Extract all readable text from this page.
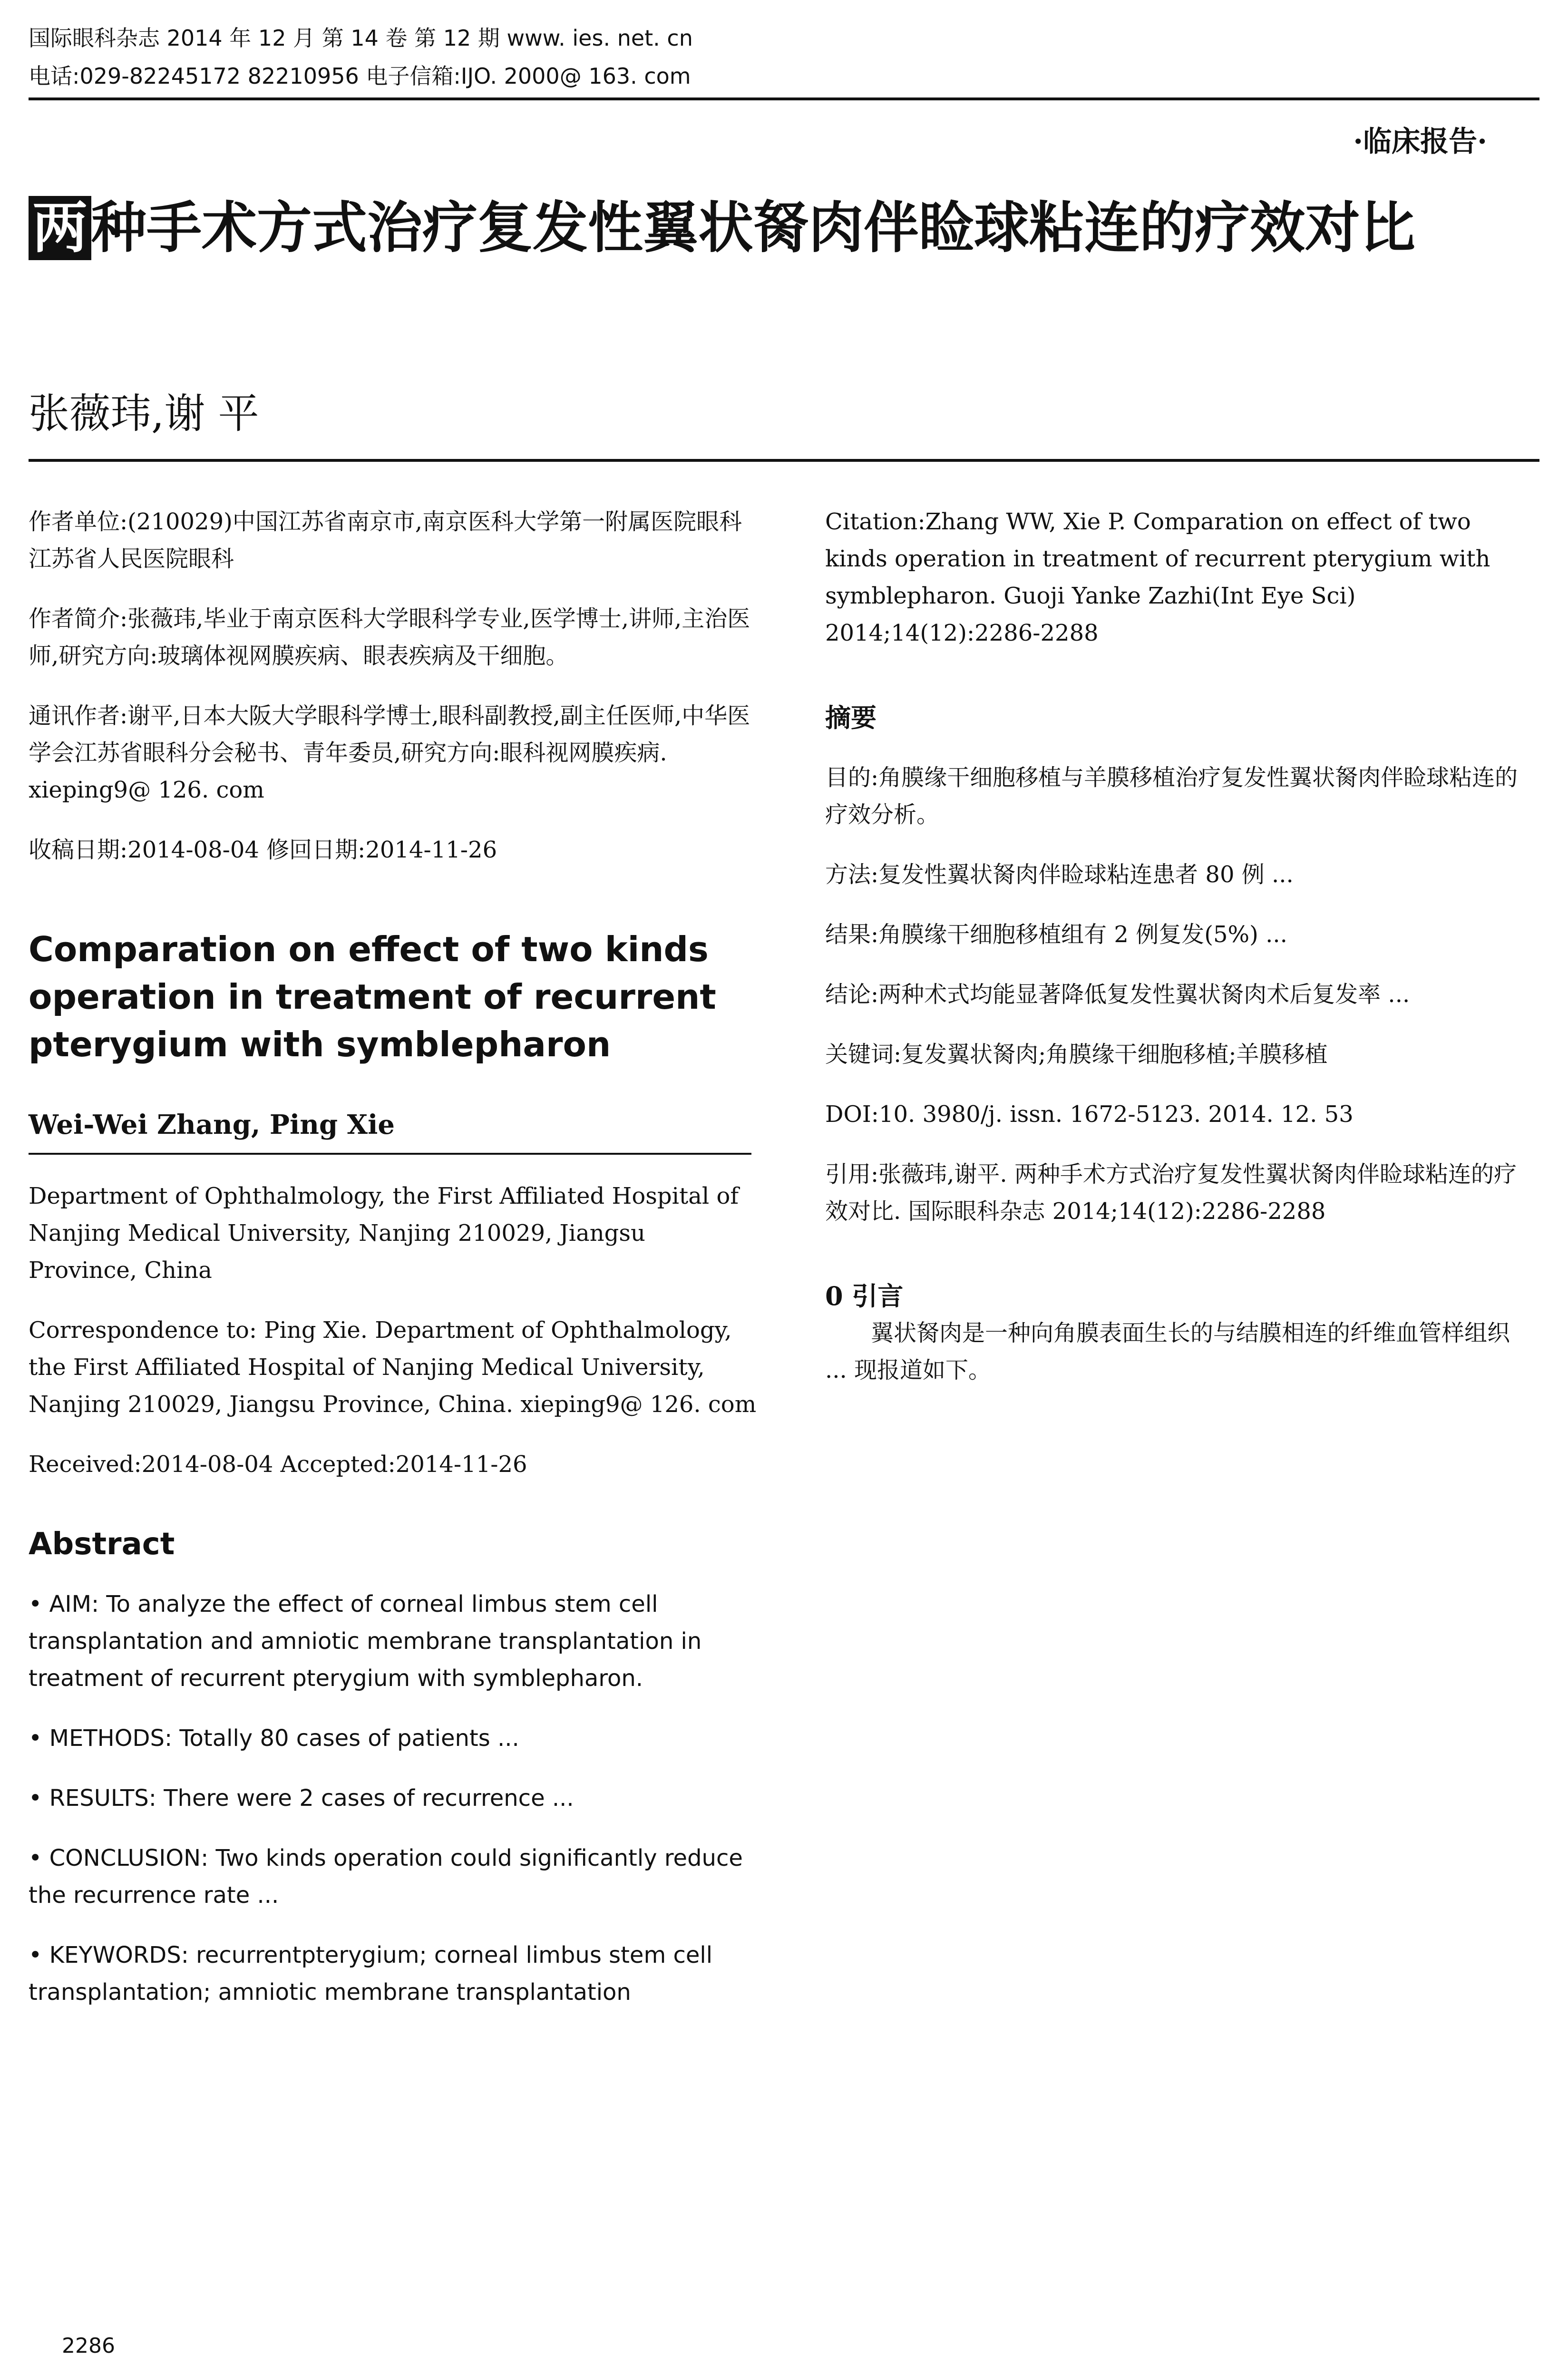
国际眼科杂志 2014 年 12 月 第 14 卷 第 12 期 www. ies. net. cn
电话:029-82245172 82210956 电子信箱:IJO. 2000@ 163. com
·临床报告·
两种手术方式治疗复发性翼状胬肉伴睑球粘连的疗效对比
张薇玮,谢 平

作者单位:(210029)中国江苏省南京市,南京医科大学第一附属医院眼科 江苏省人民医院眼科

作者简介:张薇玮,毕业于南京医科大学眼科学专业,医学博士,讲师,主治医师,研究方向:玻璃体视网膜疾病、眼表疾病及干细胞。

通讯作者:谢平,日本大阪大学眼科学博士,眼科副教授,副主任医师,中华医学会江苏省眼科分会秘书、青年委员,研究方向:眼科视网膜疾病. xieping9@ 126. com

收稿日期:2014-08-04 修回日期:2014-11-26

Comparation on effect of two kinds operation in treatment of recurrent pterygium with symblepharon
Wei-Wei Zhang, Ping Xie

Department of Ophthalmology, the First Affiliated Hospital of Nanjing Medical University, Nanjing 210029, Jiangsu Province, China

Correspondence to: Ping Xie. Department of Ophthalmology, the First Affiliated Hospital of Nanjing Medical University, Nanjing 210029, Jiangsu Province, China. xieping9@ 126. com

Received:2014-08-04 Accepted:2014-11-26

Abstract

• AIM: To analyze the effect of corneal limbus stem cell transplantation and amniotic membrane transplantation in treatment of recurrent pterygium with symblepharon.

• METHODS: Totally 80 cases of patients ...

• RESULTS: There were 2 cases of recurrence ...

• CONCLUSION: Two kinds operation could significantly reduce the recurrence rate ...

• KEYWORDS: recurrentpterygium; corneal limbus stem cell transplantation; amniotic membrane transplantation

Citation:Zhang WW, Xie P. Comparation on effect of two kinds operation in treatment of recurrent pterygium with symblepharon. Guoji Yanke Zazhi(Int Eye Sci) 2014;14(12):2286-2288

摘要

目的:角膜缘干细胞移植与羊膜移植治疗复发性翼状胬肉伴睑球粘连的疗效分析。

方法:复发性翼状胬肉伴睑球粘连患者 80 例 ...

结果:角膜缘干细胞移植组有 2 例复发(5%) ...

结论:两种术式均能显著降低复发性翼状胬肉术后复发率 ...

关键词:复发翼状胬肉;角膜缘干细胞移植;羊膜移植

DOI:10. 3980/j. issn. 1672-5123. 2014. 12. 53

引用:张薇玮,谢平. 两种手术方式治疗复发性翼状胬肉伴睑球粘连的疗效对比. 国际眼科杂志 2014;14(12):2286-2288

0 引言

翼状胬肉是一种向角膜表面生长的与结膜相连的纤维血管样组织 ... 现报道如下。

2286
